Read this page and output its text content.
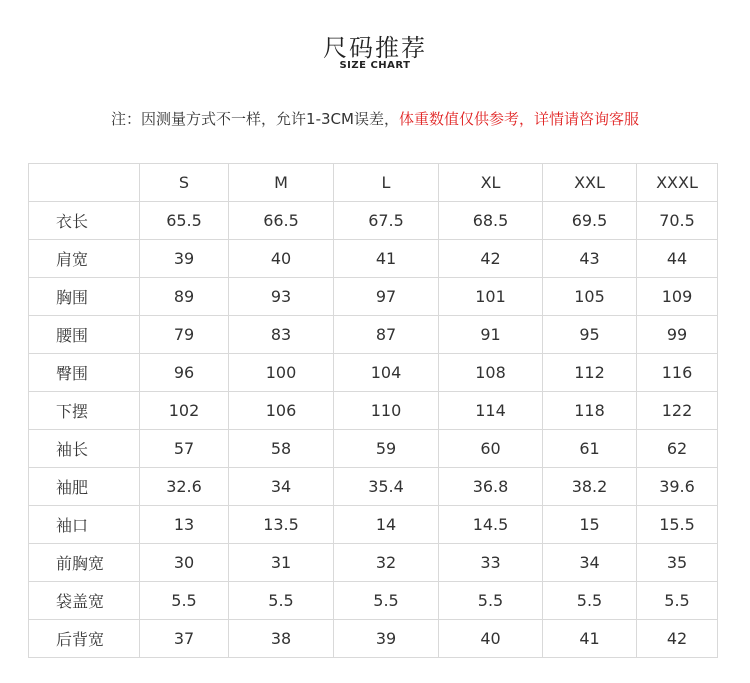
尺码推荐
SIZE CHART
注：因测量方式不一样，允许1-3CM误差，体重数值仅供参考，详情请咨询客服
	S	M	L	XL	XXL	XXXL
衣长	65.5	66.5	67.5	68.5	69.5	70.5
肩宽	39	40	41	42	43	44
胸围	89	93	97	101	105	109
腰围	79	83	87	91	95	99
臀围	96	100	104	108	112	116
下摆	102	106	110	114	118	122
袖长	57	58	59	60	61	62
袖肥	32.6	34	35.4	36.8	38.2	39.6
袖口	13	13.5	14	14.5	15	15.5
前胸宽	30	31	32	33	34	35
袋盖宽	5.5	5.5	5.5	5.5	5.5	5.5
后背宽	37	38	39	40	41	42
